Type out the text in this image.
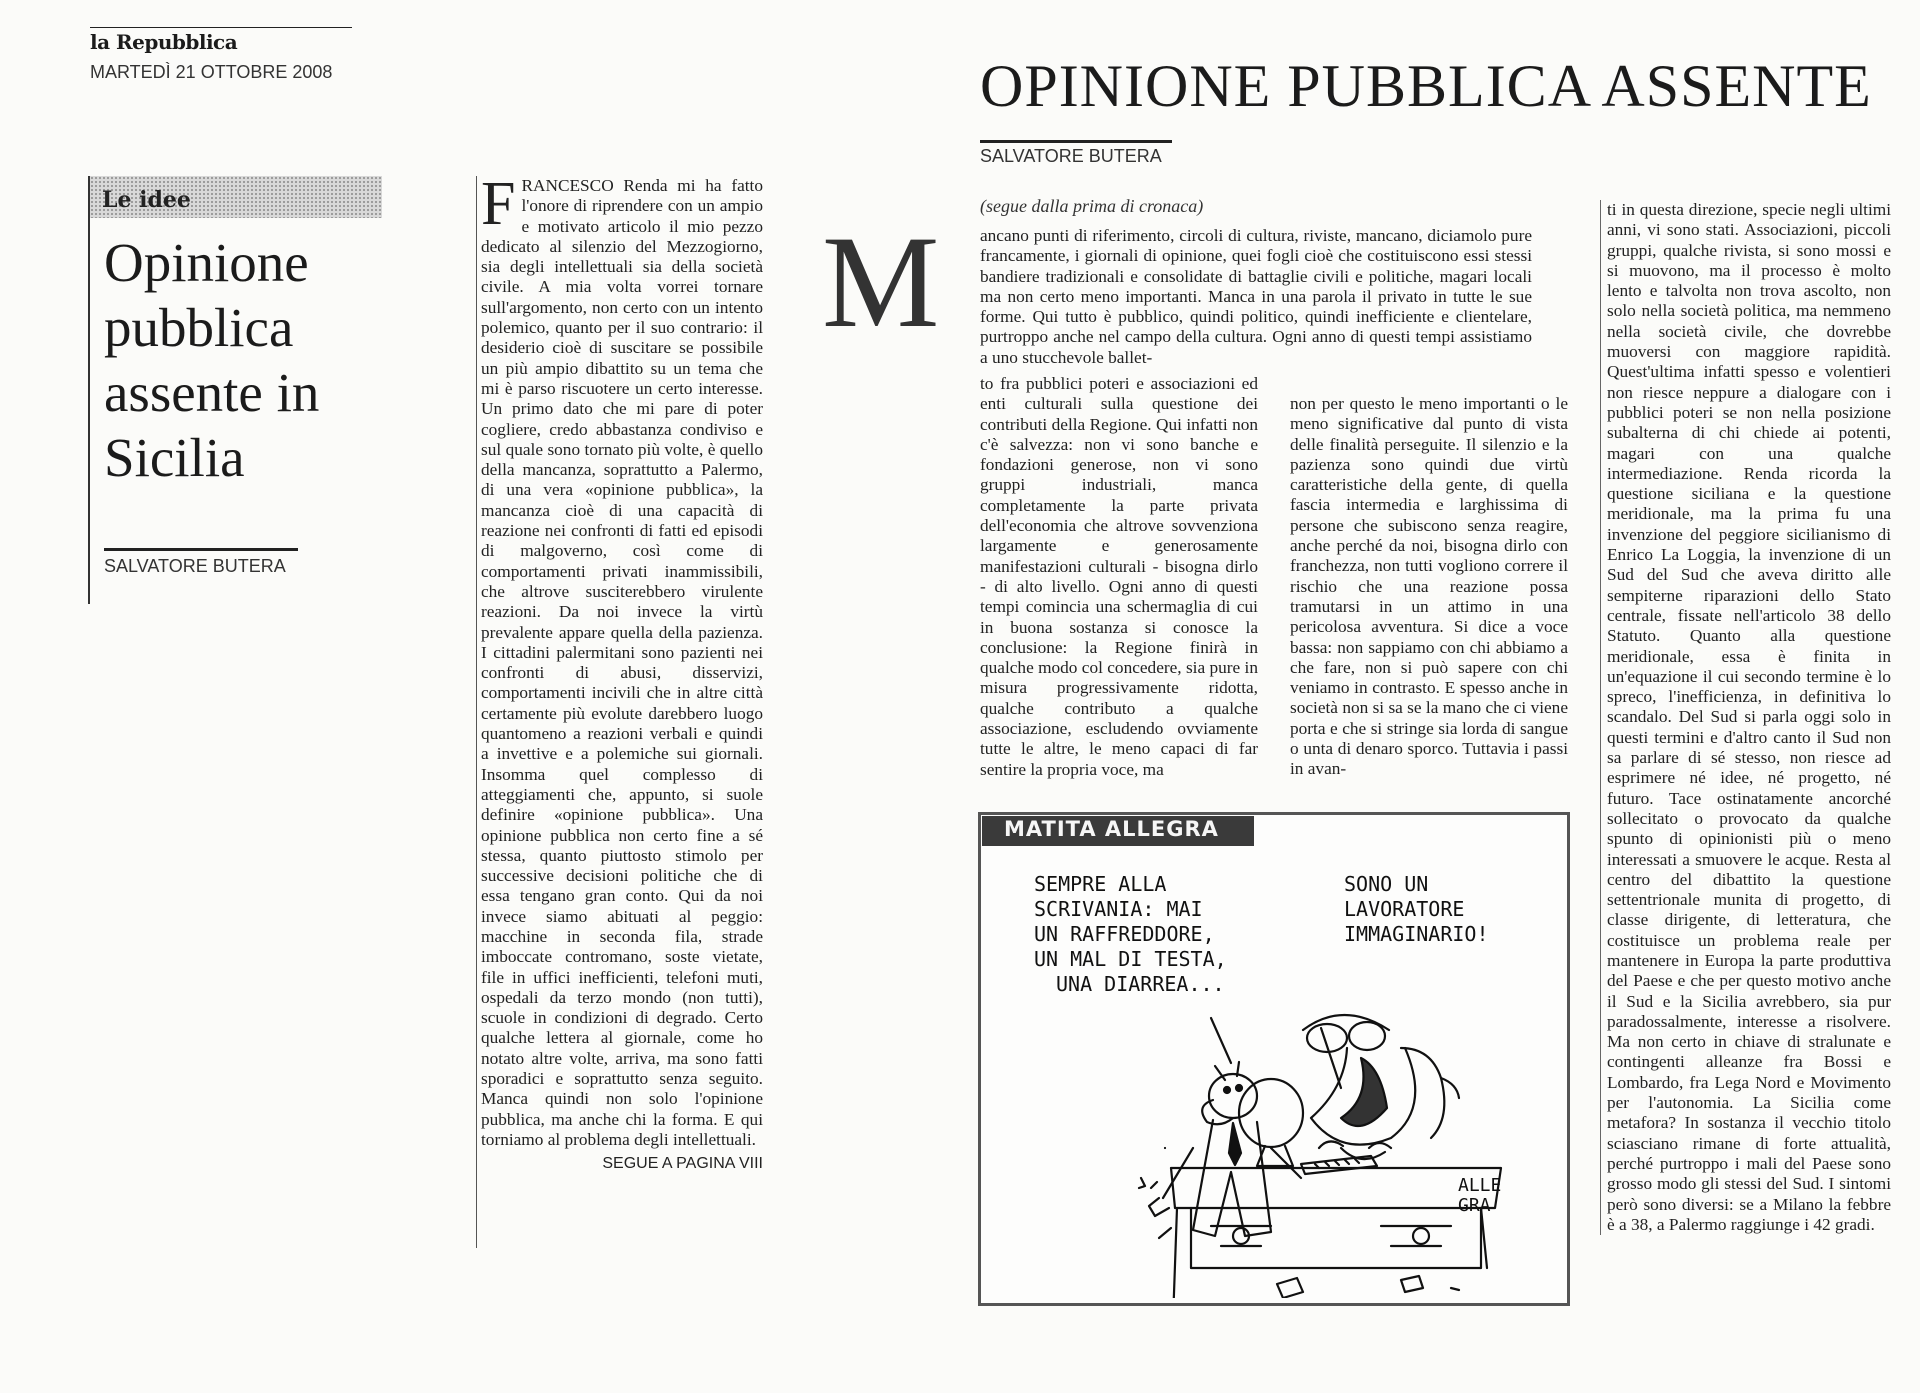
la Repubblica
MARTEDÌ 21 OTTOBRE 2008
Le idee
Opinione pubblica assente in Sicilia
SALVATORE BUTERA
FRANCESCO Renda mi ha fatto l'onore di riprendere con un ampio e motivato articolo il mio pezzo dedicato al silenzio del Mezzogiorno, sia degli intellettuali sia della società civile. A mia volta vorrei tornare sull'argomento, non certo con un intento polemico, quanto per il suo contrario: il desiderio cioè di suscitare se possibile un più ampio dibattito su un tema che mi è parso riscuotere un certo interesse. Un primo dato che mi pare di poter cogliere, credo abbastanza condiviso e sul quale sono tornato più volte, è quello della mancanza, soprattutto a Palermo, di una vera «opinione pubblica», la mancanza cioè di una capacità di reazione nei confronti di fatti ed episodi di malgoverno, così come di comportamenti privati inammissibili, che altrove susciterebbero virulente reazioni. Da noi invece la virtù prevalente appare quella della pazienza. I cittadini palermitani sono pazienti nei confronti di abusi, disservizi, comportamenti incivili che in altre città certamente più evolute darebbero luogo quantomeno a reazioni verbali e quindi a invettive e a polemiche sui giornali. Insomma quel complesso di atteggiamenti che, appunto, si suole definire «opinione pubblica». Una opinione pubblica non certo fine a sé stessa, quanto piuttosto stimolo per successive decisioni politiche che di essa tengano gran conto. Qui da noi invece siamo abituati al peggio: macchine in seconda fila, strade imboccate contromano, soste vietate, file in uffici inefficienti, telefoni muti, ospedali da terzo mondo (non tutti), scuole in condizioni di degrado. Certo qualche lettera al giornale, come ho notato altre volte, arriva, ma sono fatti sporadici e soprattutto senza seguito. Manca quindi non solo l'opinione pubblica, ma anche chi la forma. E qui torniamo al problema degli intellettuali.
SEGUE A PAGINA VIII
OPINIONE PUBBLICA ASSENTE
SALVATORE BUTERA
(segue dalla prima di cronaca)
M ancano punti di riferimento, circoli di cultura, riviste, mancano, diciamolo pure francamente, i giornali di opinione, quei fogli cioè che costituiscono essi stessi bandiere tradizionali e consolidate di battaglie civili e politiche, magari locali ma non certo meno importanti. Manca in una parola il privato in tutte le sue forme. Qui tutto è pubblico, quindi politico, quindi inefficiente e clientelare, purtroppo anche nel campo della cultura. Ogni anno di questi tempi assistiamo a uno stucchevole ballet-
to fra pubblici poteri e associazioni ed enti culturali sulla questione dei contributi della Regione. Qui infatti non c'è salvezza: non vi sono banche e fondazioni generose, non vi sono gruppi industriali, manca completamente la parte privata dell'economia che altrove sovvenziona largamente e generosamente manifestazioni culturali - bisogna dirlo - di alto livello. Ogni anno di questi tempi comincia una schermaglia di cui in buona sostanza si conosce la conclusione: la Regione finirà in qualche modo col concedere, sia pure in misura progressivamente ridotta, qualche contributo a qualche associazione, escludendo ovviamente tutte le altre, le meno capaci di far sentire la propria voce, ma
non per questo le meno importanti o le meno significative dal punto di vista delle finalità perseguite. Il silenzio e la pazienza sono quindi due virtù caratteristiche della gente, di quella fascia intermedia e larghissima di persone che subiscono senza reagire, anche perché da noi, bisogna dirlo con franchezza, non tutti vogliono correre il rischio che una reazione possa tramutarsi in un attimo in una pericolosa avventura. Si dice a voce bassa: non sappiamo con chi abbiamo a che fare, non si può sapere con chi veniamo in contrasto. E spesso anche in società non si sa se la mano che ci viene porta e che si stringe sia lorda di sangue o unta di denaro sporco. Tuttavia i passi in avan-
ti in questa direzione, specie negli ultimi anni, vi sono stati. Associazioni, piccoli gruppi, qualche rivista, si sono mossi e si muovono, ma il processo è molto lento e talvolta non trova ascolto, non solo nella società politica, ma nemmeno nella società civile, che dovrebbe muoversi con maggiore rapidità. Quest'ultima infatti spesso e volentieri non riesce neppure a dialogare con i pubblici poteri se non nella posizione subalterna di chi chiede ai potenti, magari con una qualche intermediazione. Renda ricorda la questione siciliana e la questione meridionale, ma la prima fu una invenzione del peggiore sicilianismo di Enrico La Loggia, la invenzione di un Sud del Sud che aveva diritto alle sempiterne riparazioni dello Stato centrale, fissate nell'articolo 38 dello Statuto. Quanto alla questione meridionale, essa è finita in un'equazione il cui secondo termine è lo spreco, l'inefficienza, in definitiva lo scandalo. Del Sud si parla oggi solo in questi termini e d'altro canto il Sud non sa parlare di sé stesso, non riesce ad esprimere né idee, né progetto, né futuro. Tace ostinatamente ancorché sollecitato o provocato da qualche spunto di opinionisti più o meno interessati a smuovere le acque. Resta al centro del dibattito la questione settentrionale munita di progetto, di classe dirigente, di letteratura, che costituisce un problema reale per mantenere in Europa la parte produttiva del Paese e che per questo motivo anche il Sud e la Sicilia avrebbero, sia pur paradossalmente, interesse a risolvere. Ma non certo in chiave di stralunate e contingenti alleanze fra Bossi e Lombardo, fra Lega Nord e Movimento per l'autonomia. La Sicilia come metafora? In sostanza il vecchio titolo sciasciano rimane di forte attualità, perché purtroppo i mali del Paese sono grosso modo gli stessi del Sud. I sintomi però sono diversi: se a Milano la febbre è a 38, a Palermo raggiunge i 42 gradi.
MATITA ALLEGRA
SEMPRE ALLA
SCRIVANIA: MAI
UN RAFFREDDORE,
UN MAL DI TESTA,
UNA DIARREA...
SONO UN
LAVORATORE
IMMAGINARIO!
ALLE
GRA
